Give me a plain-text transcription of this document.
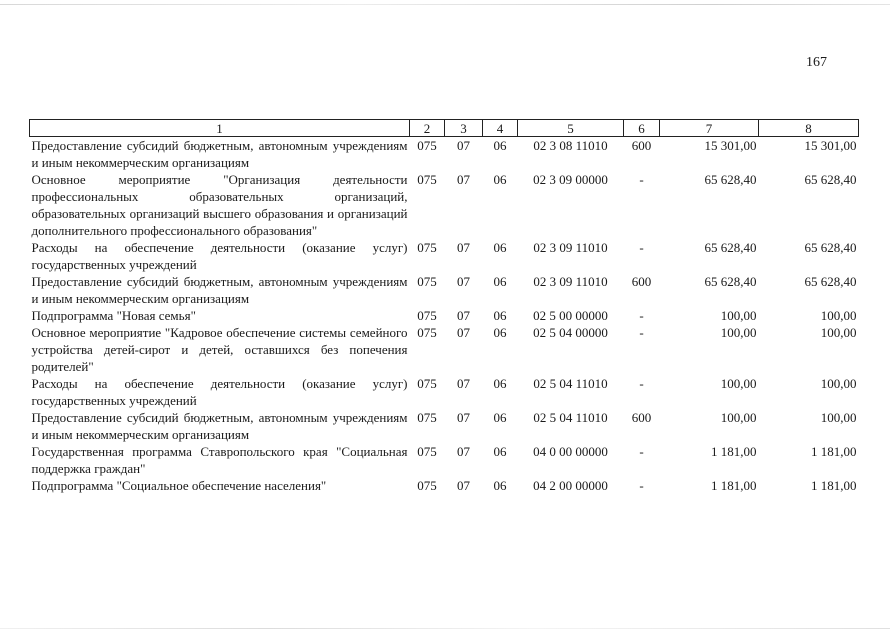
167
1	2	3	4	5	6	7	8
Предоставление субсидий бюджетным, автономным учреждениям и иным некоммерческим организациям	075	07	06	02 3 08 11010	600	15 301,00	15 301,00
Основное мероприятие "Организация деятельности профессиональных образовательных организаций, образовательных организаций высшего образования и организаций дополнительного профессионального образования"	075	07	06	02 3 09 00000	-	65 628,40	65 628,40
Расходы на обеспечение деятельности (оказание услуг) государственных учреждений	075	07	06	02 3 09 11010	-	65 628,40	65 628,40
Предоставление субсидий бюджетным, автономным учреждениям и иным некоммерческим организациям	075	07	06	02 3 09 11010	600	65 628,40	65 628,40
Подпрограмма "Новая семья"	075	07	06	02 5 00 00000	-	100,00	100,00
Основное мероприятие "Кадровое обеспечение системы семейного устройства детей-сирот и детей, оставшихся без попечения родителей"	075	07	06	02 5 04 00000	-	100,00	100,00
Расходы на обеспечение деятельности (оказание услуг) государственных учреждений	075	07	06	02 5 04 11010	-	100,00	100,00
Предоставление субсидий бюджетным, автономным учреждениям и иным некоммерческим организациям	075	07	06	02 5 04 11010	600	100,00	100,00
Государственная программа Ставропольского края "Социальная поддержка граждан"	075	07	06	04 0 00 00000	-	1 181,00	1 181,00
Подпрограмма "Социальное обеспечение населения"	075	07	06	04 2 00 00000	-	1 181,00	1 181,00
